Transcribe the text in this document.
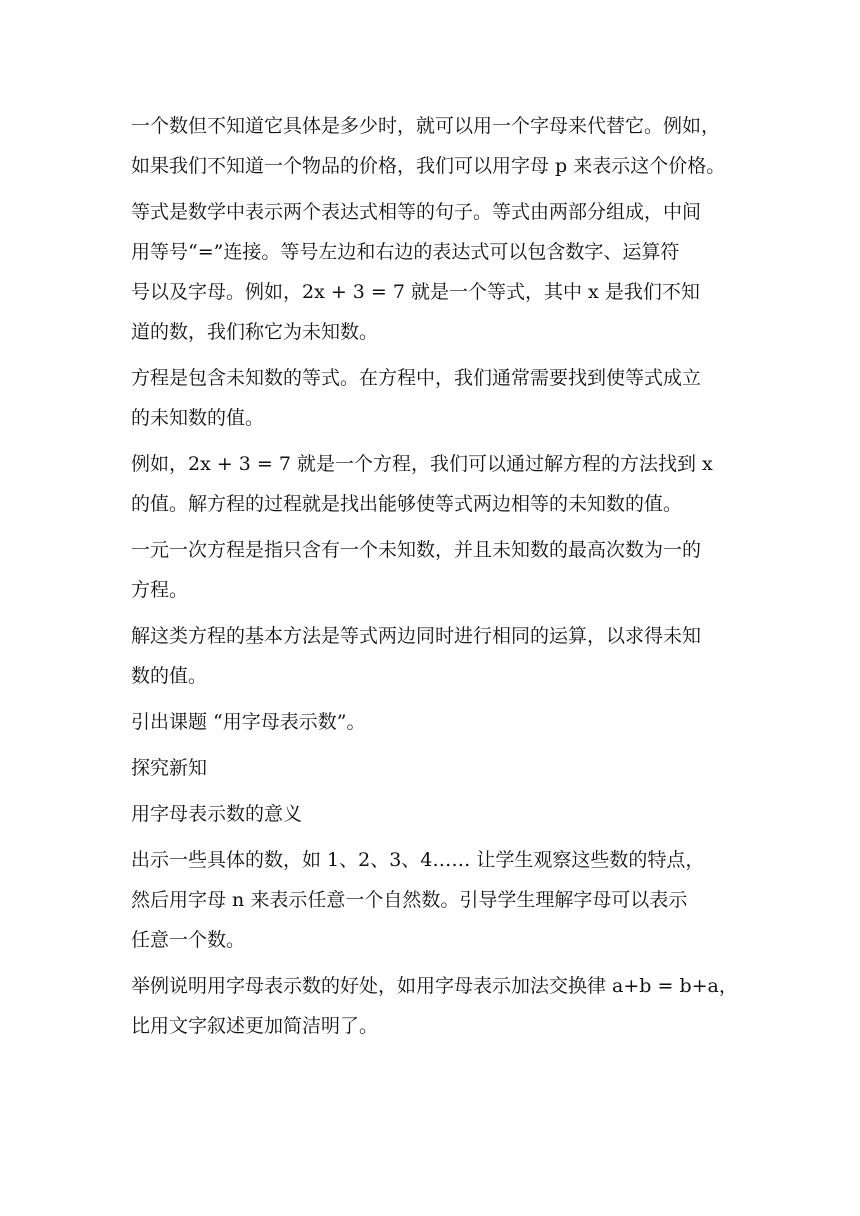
一个数但不知道它具体是多少时，就可以用一个字母来代替它。例如，
如果我们不知道一个物品的价格，我们可以用字母 p 来表示这个价格。
等式是数学中表示两个表达式相等的句子。等式由两部分组成，中间
用等号“=”连接。等号左边和右边的表达式可以包含数字、运算符
号以及字母。例如，2x + 3 = 7 就是一个等式，其中 x 是我们不知
道的数，我们称它为未知数。
方程是包含未知数的等式。在方程中，我们通常需要找到使等式成立
的未知数的值。
例如，2x + 3 = 7 就是一个方程，我们可以通过解方程的方法找到 x
的值。解方程的过程就是找出能够使等式两边相等的未知数的值。
一元一次方程是指只含有一个未知数，并且未知数的最高次数为一的
方程。
解这类方程的基本方法是等式两边同时进行相同的运算，以求得未知
数的值。
引出课题 “用字母表示数”。
探究新知
用字母表示数的意义
出示一些具体的数，如 1、2、3、4…… 让学生观察这些数的特点，
然后用字母 n 来表示任意一个自然数。引导学生理解字母可以表示
任意一个数。
举例说明用字母表示数的好处，如用字母表示加法交换律 a+b = b+a，
比用文字叙述更加简洁明了。
